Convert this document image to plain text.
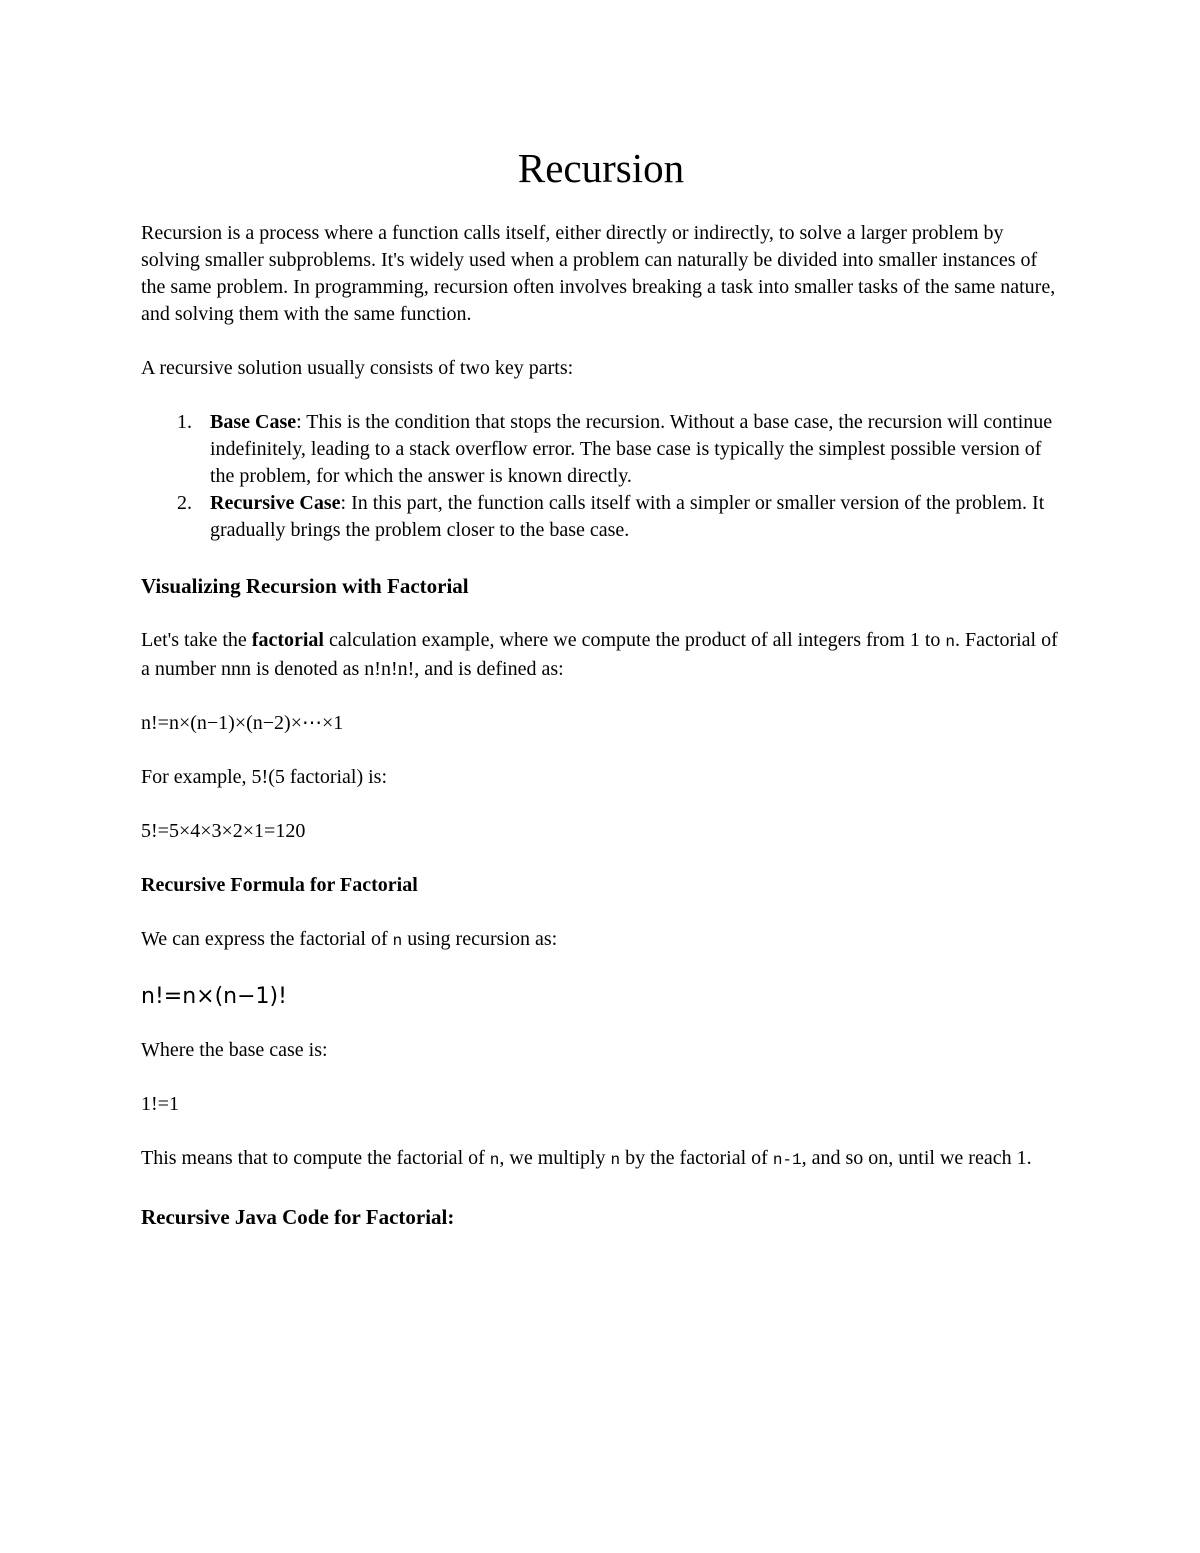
Recursion

Recursion is a process where a function calls itself, either directly or indirectly, to solve a larger problem by solving smaller subproblems. It's widely used when a problem can naturally be divided into smaller instances of the same problem. In programming, recursion often involves breaking a task into smaller tasks of the same nature, and solving them with the same function.

A recursive solution usually consists of two key parts:

1. Base Case: This is the condition that stops the recursion. Without a base case, the recursion will continue indefinitely, leading to a stack overflow error. The base case is typically the simplest possible version of the problem, for which the answer is known directly.
2. Recursive Case: In this part, the function calls itself with a simpler or smaller version of the problem. It gradually brings the problem closer to the base case.
Visualizing Recursion with Factorial

Let's take the factorial calculation example, where we compute the product of all integers from 1 to n. Factorial of a number nnn is denoted as n!n!n!, and is defined as:

n!=n×(n−1)×(n−2)×⋯×1

For example, 5!(5 factorial) is:

5!=5×4×3×2×1=120

Recursive Formula for Factorial

We can express the factorial of n using recursion as:

n!=n×(n−1)!

Where the base case is:

1!=1

This means that to compute the factorial of n, we multiply n by the factorial of n-1, and so on, until we reach 1.

Recursive Java Code for Factorial:
